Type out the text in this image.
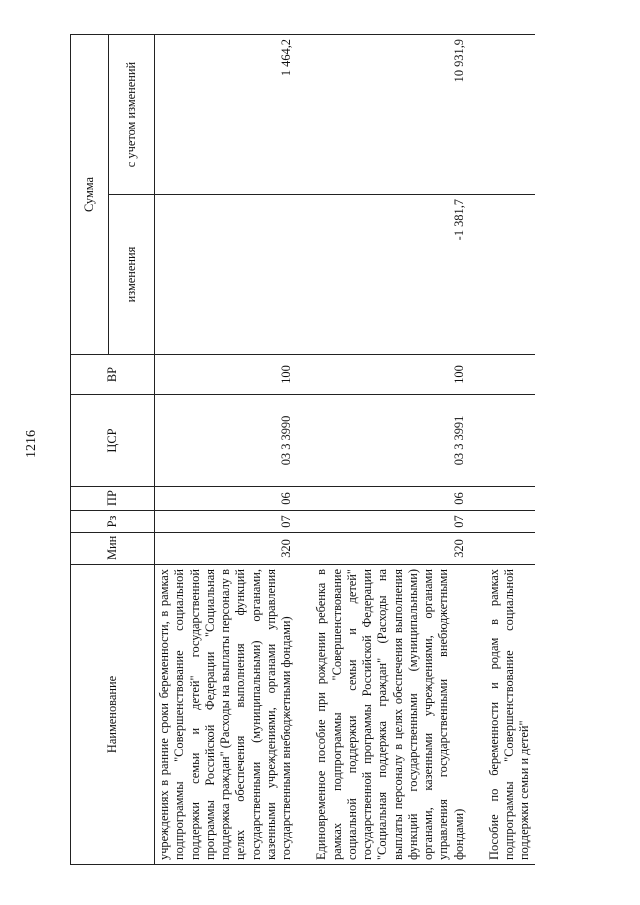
1216
Наименование	Мин	Рз	ПР	ЦСР	ВР	Сумма	
						изменения	с учетом изменений
учреждениях в ранние сроки беременности, в рамках подпрограммы "Совершенствование социальной поддержки семьи и детей" государственной программы Российской Федерации "Социальная поддержка граждан" (Расходы на выплаты персоналу в целях обеспечения выполнения функций государственными (муниципальными) органами, казенными учреждениями, органами управления государственными внебюджетными фондами)	320	07	06	03 3 3990	100		1 464,2

Единовременное пособие при рождении ребенка в рамках подпрограммы "Совершенствование социальной поддержки семьи и детей" государственной программы Российской Федерации "Социальная поддержка граждан" (Расходы на выплаты персоналу в целях обеспечения выполнения функций государственными (муниципальными) органами, казенными учреждениями, органами управления государственными внебюджетными фондами)	320	07	06	03 3 3991	100	-1 381,7	10 931,9

Пособие по беременности и родам в рамках подпрограммы "Совершенствование социальной поддержки семьи и детей"							
